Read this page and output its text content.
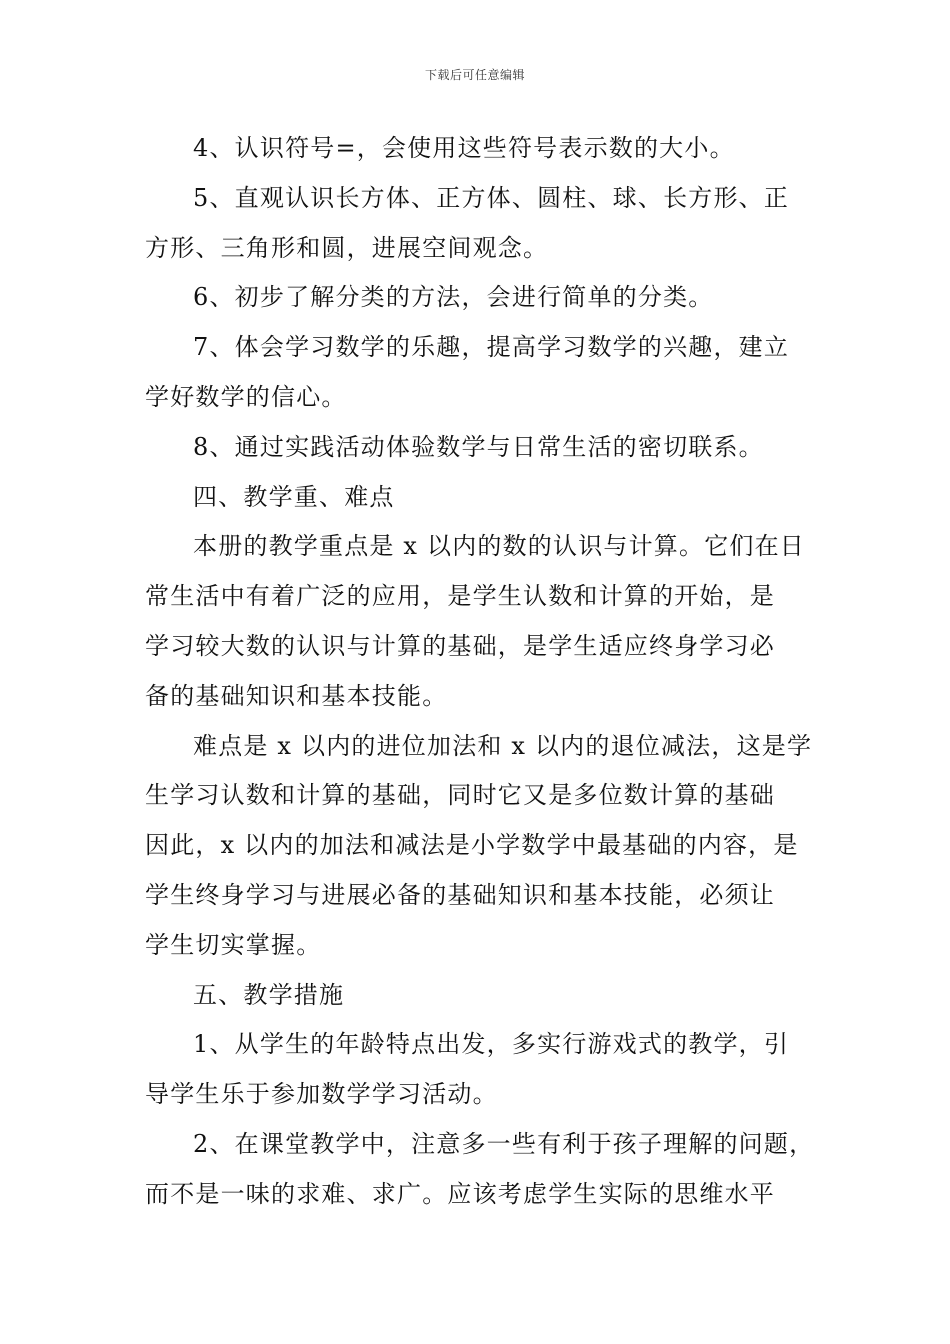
下载后可任意编辑
4、认识符号=，会使用这些符号表示数的大小。
5、直观认识长方体、正方体、圆柱、球、长方形、正
方形、三角形和圆，进展空间观念。
6、初步了解分类的方法，会进行简单的分类。
7、体会学习数学的乐趣，提高学习数学的兴趣，建立
学好数学的信心。
8、通过实践活动体验数学与日常生活的密切联系。
四、教学重、难点
本册的教学重点是 x 以内的数的认识与计算。它们在日
常生活中有着广泛的应用，是学生认数和计算的开始，是
学习较大数的认识与计算的基础，是学生适应终身学习必
备的基础知识和基本技能。
难点是 x 以内的进位加法和 x 以内的退位减法，这是学
生学习认数和计算的基础，同时它又是多位数计算的基础
因此，x 以内的加法和减法是小学数学中最基础的内容，是
学生终身学习与进展必备的基础知识和基本技能，必须让
学生切实掌握。
五、教学措施
1、从学生的年龄特点出发，多实行游戏式的教学，引
导学生乐于参加数学学习活动。
2、在课堂教学中，注意多一些有利于孩子理解的问题，
而不是一味的求难、求广。应该考虑学生实际的思维水平
